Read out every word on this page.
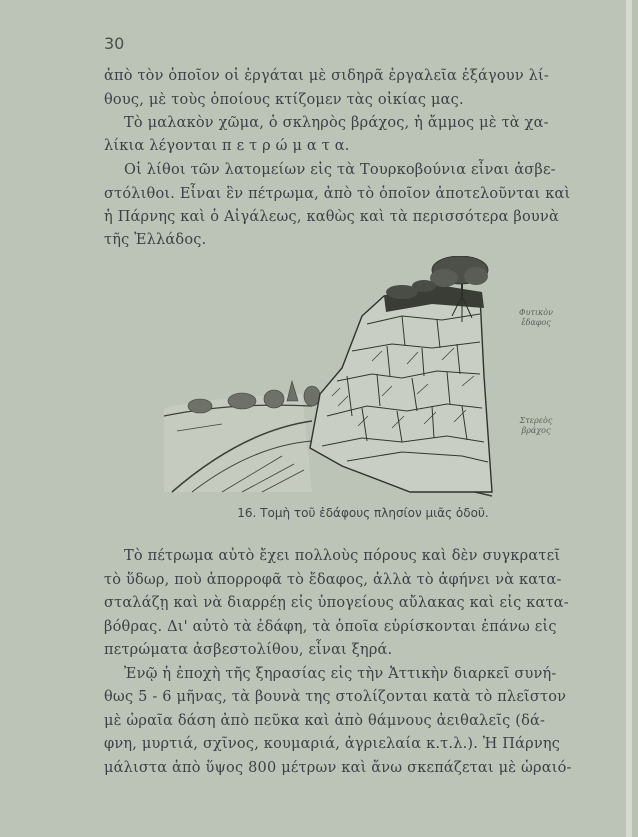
30
ἀπὸ τὸν ὁποῖον οἱ ἐργάται μὲ σιδηρᾶ ἐργαλεῖα ἐξάγουν λί-
θους, μὲ τοὺς ὁποίους κτίζομεν τὰς οἰκίας μας.
Τὸ μαλακὸν χῶμα, ὁ σκληρὸς βράχος, ἡ ἄμμος μὲ τὰ χα-
λίκια λέγονται π ε τ ρ ώ μ α τ α.
Οἱ λίθοι τῶν λατομείων εἰς τὰ Τουρκοβούνια εἶναι ἀσβε-
στόλιθοι. Εἶναι ἓν πέτρωμα, ἀπὸ τὸ ὁποῖον ἀποτελοῦνται καὶ
ἡ Πάρνης καὶ ὁ Αἰγάλεως, καθὼς καὶ τὰ περισσότερα βουνὰ
τῆς Ἑλλάδος.
Φυτικὸν ἔδαφος
Στερεὸς βράχος
16. Τομὴ τοῦ ἐδάφους πλησίον μιᾶς ὁδοῦ.
Τὸ πέτρωμα αὐτὸ ἔχει πολλοὺς πόρους καὶ δὲν συγκρατεῖ
τὸ ὕδωρ, ποὺ ἀπορροφᾶ τὸ ἔδαφος, ἀλλὰ τὸ ἀφήνει νὰ κατα-
σταλάζῃ καὶ νὰ διαρρέῃ εἰς ὑπογείους αὔλακας καὶ εἰς κατα-
βόθρας. Δι' αὐτὸ τὰ ἐδάφη, τὰ ὁποῖα εὑρίσκονται ἐπάνω εἰς
πετρώματα ἀσβεστολίθου, εἶναι ξηρά.
Ἐνῷ ἡ ἐποχὴ τῆς ξηρασίας εἰς τὴν Ἀττικὴν διαρκεῖ συνή-
θως 5 - 6 μῆνας, τὰ βουνὰ της στολίζονται κατὰ τὸ πλεῖστον
μὲ ὡραῖα δάση ἀπὸ πεῦκα καὶ ἀπὸ θάμνους ἀειθαλεῖς (δά-
φνη, μυρτιά, σχῖνος, κουμαριά, ἀγριελαία κ.τ.λ.). Ἡ Πάρνης
μάλιστα ἀπὸ ὕψος 800 μέτρων καὶ ἄνω σκεπάζεται μὲ ὡραιό-
